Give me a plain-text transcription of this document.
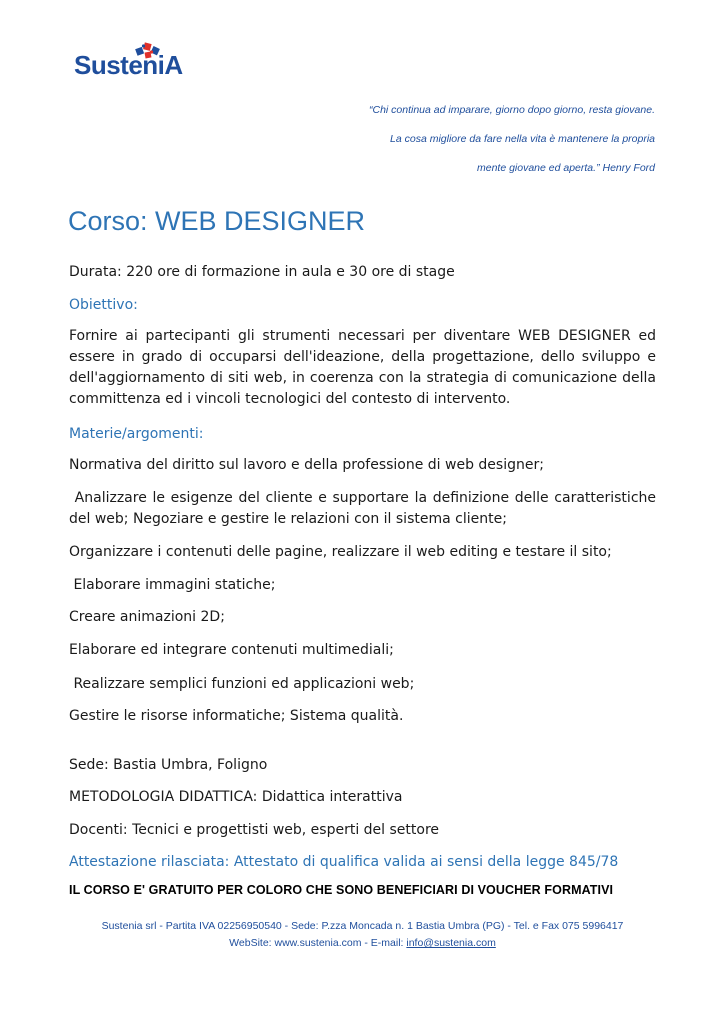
SusteniA
“Chi continua ad imparare, giorno dopo giorno, resta giovane.
La cosa migliore da fare nella vita è mantenere la propria
mente giovane ed aperta.” Henry Ford
Corso: WEB DESIGNER
Durata: 220 ore di formazione in aula e 30 ore di stage
Obiettivo:
Fornire ai partecipanti gli strumenti necessari per diventare WEB DESIGNER ed essere in grado di occuparsi dell'ideazione, della progettazione, dello sviluppo e dell'aggiornamento di siti web, in coerenza con la strategia di comunicazione della committenza ed i vincoli tecnologici del contesto di intervento.
Materie/argomenti:
Normativa del diritto sul lavoro e della professione di web designer;
Analizzare le esigenze del cliente e supportare la definizione delle caratteristiche del web; Negoziare e gestire le relazioni con il sistema cliente;
Organizzare i contenuti delle pagine, realizzare il web editing e testare il sito;
Elaborare immagini statiche;
Creare animazioni 2D;
Elaborare ed integrare contenuti multimediali;
Realizzare semplici funzioni ed applicazioni web;
Gestire le risorse informatiche; Sistema qualità.
Sede: Bastia Umbra, Foligno
METODOLOGIA DIDATTICA: Didattica interattiva
Docenti: Tecnici e progettisti web, esperti del settore
Attestazione rilasciata: Attestato di qualifica valida ai sensi della legge 845/78
IL CORSO E' GRATUITO PER COLORO CHE SONO BENEFICIARI DI VOUCHER FORMATIVI
Sustenia srl - Partita IVA 02256950540 - Sede: P.zza Moncada n. 1 Bastia Umbra (PG) - Tel. e Fax 075 5996417
WebSite: www.sustenia.com - E-mail: info@sustenia.com
